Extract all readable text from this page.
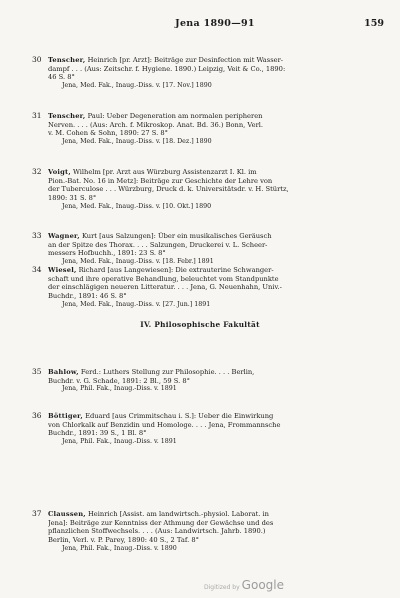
Jena 1890—91	159
30 Tenscher, Heinrich [pr. Arzt]: Beiträge zur Desinfection mit Wasser-
dampf . . . (Aus: Zeitschr. f. Hygiene. 1890.) Leipzig, Veit & Co., 1890:
46 S. 8°
Jena, Med. Fak., Inaug.-Diss. v. [17. Nov.] 1890
31 Tenscher, Paul: Ueber Degeneration am normalen peripheren
Nerven. . . . (Aus: Arch. f. Mikroskop. Anat. Bd. 36.) Bonn, Verl.
v. M. Cohen & Sohn, 1890: 27 S. 8°
Jena, Med. Fak., Inaug.-Diss. v. [18. Dez.] 1890
32 Voigt, Wilhelm [pr. Arzt aus Würzburg Assistenzarzt I. Kl. im
Pion.-Bat. No. 16 in Metz]: Beiträge zur Geschichte der Lehre von
der Tuberculose . . . Würzburg, Druck d. k. Universitätsdr. v. H. Stürtz,
1890: 31 S. 8°
Jena, Med. Fak., Inaug.-Diss. v. [10. Okt.] 1890
33 Wagner, Kurt [aus Salzungen]: Über ein musikalisches Geräusch
an der Spitze des Thorax. . . . Salzungen, Druckerei v. L. Scheer-
messers Hofbuchh., 1891: 23 S. 8°
Jena, Med. Fak., Inaug.-Diss. v. [18. Febr.] 1891
34 Wiesel, Richard [aus Langewiesen]: Die extrauterine Schwanger-
schaft und ihre operative Behandlung, beleuchtet vom Standpunkte
der einschlägigen neueren Litteratur. . . . Jena, G. Neuenhahn, Univ.-
Buchdr., 1891: 46 S. 8°
Jena, Med. Fak., Inaug.-Diss. v. [27. Jun.] 1891
IV. Philosophische Fakultät
35 Bahlow, Ferd.: Luthers Stellung zur Philosophie. . . . Berlin,
Buchdr. v. G. Schade, 1891: 2 Bl., 59 S. 8°
Jena, Phil. Fak., Inaug.-Diss. v. 1891
36 Böttiger, Eduard [aus Crimmitschau i. S.]: Ueber die Einwirkung
von Chlorkalk auf Benzidin und Homologe. . . . Jena, Frommannsche
Buchdr., 1891: 39 S., 1 Bl. 8°
Jena, Phil. Fak., Inaug.-Diss. v. 1891
37 Claussen, Heinrich [Assist. am landwirtsch.-physiol. Laborat. in
Jena]: Beiträge zur Kenntniss der Athmung der Gewächse und des
pflanzlichen Stoffwechsels. . . . (Aus: Landwirtsch. Jahrb. 1890.)
Berlin, Verl. v. P. Parey, 1890: 40 S., 2 Taf. 8°
Jena, Phil. Fak., Inaug.-Diss. v. 1890
Digitized by Google
